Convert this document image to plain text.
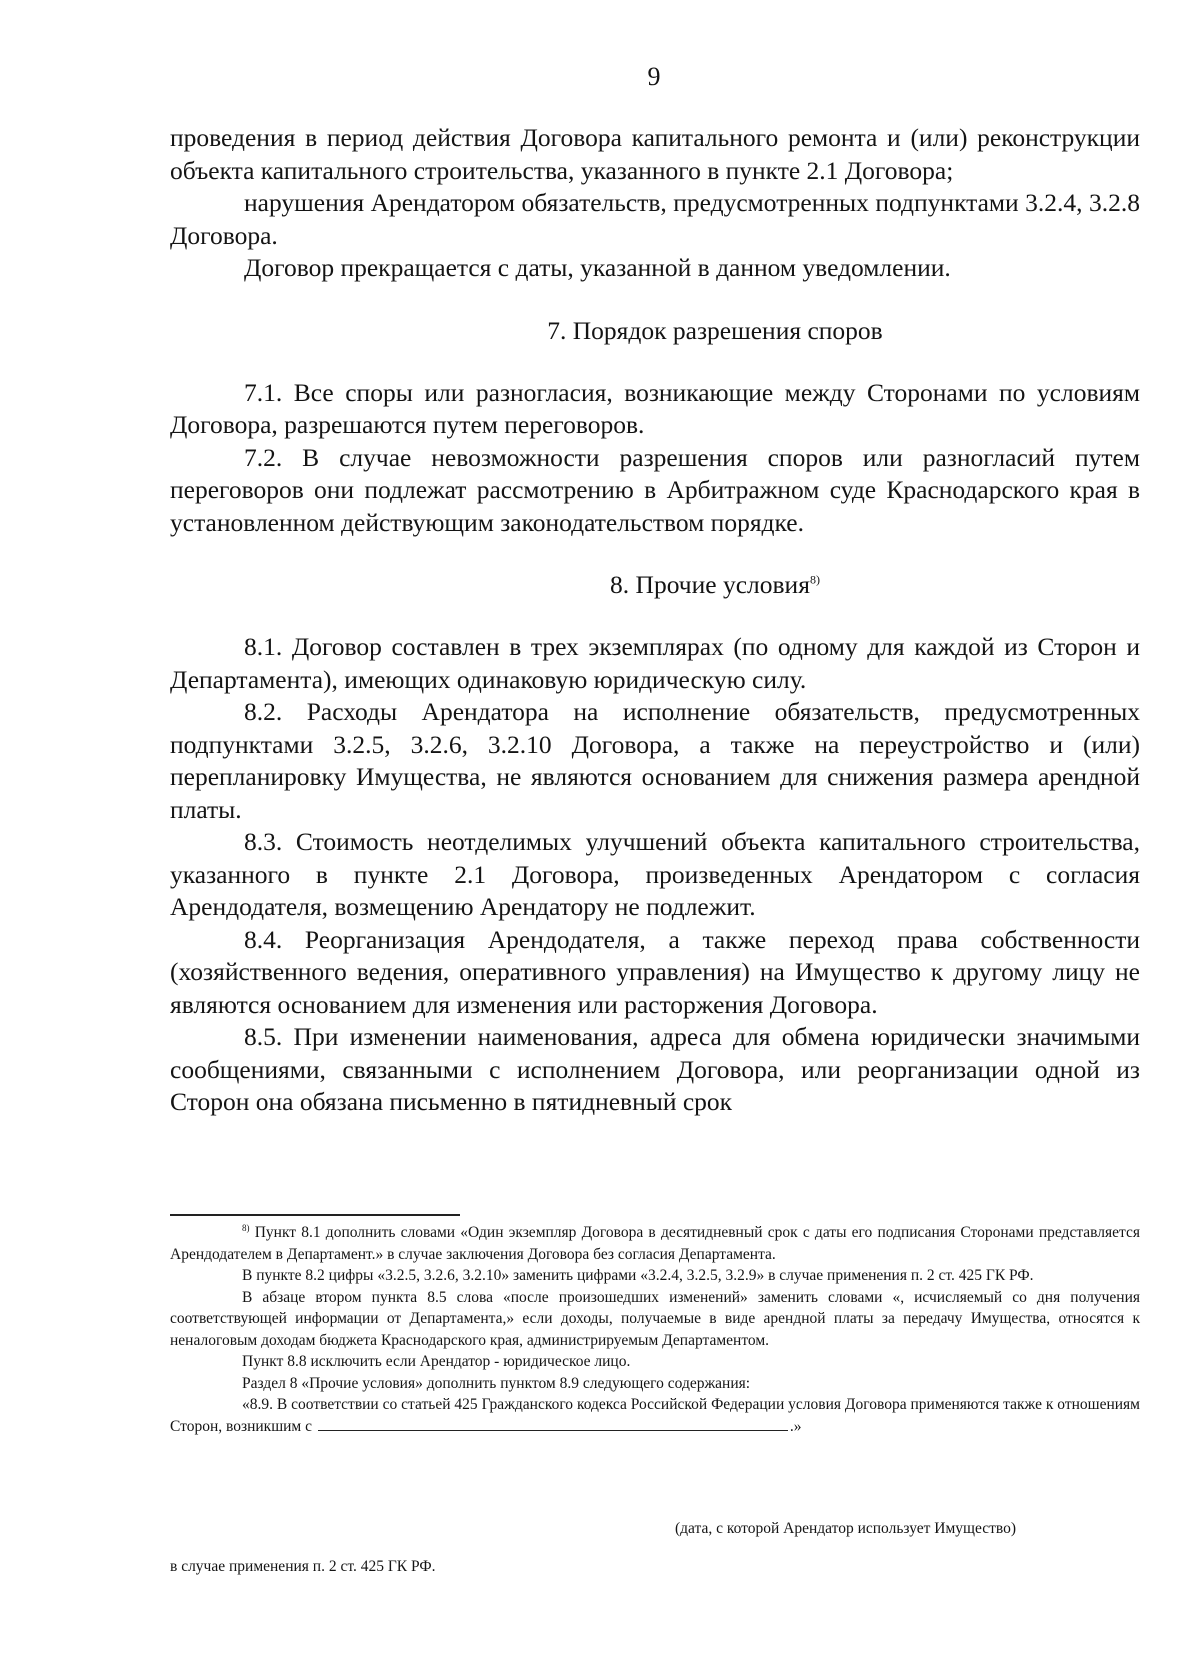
9

проведения в период действия Договора капитального ремонта и (или) реконструкции объекта капитального строительства, указанного в пункте 2.1 Договора;

нарушения Арендатором обязательств, предусмотренных подпунктами 3.2.4, 3.2.8 Договора.

Договор прекращается с даты, указанной в данном уведомлении.

7. Порядок разрешения споров

7.1. Все споры или разногласия, возникающие между Сторонами по условиям Договора, разрешаются путем переговоров.

7.2. В случае невозможности разрешения споров или разногласий путем переговоров они подлежат рассмотрению в Арбитражном суде Краснодарского края в установленном действующим законодательством порядке.

8. Прочие условия$^{8)}$

8.1. Договор составлен в трех экземплярах (по одному для каждой из Сторон и Департамента), имеющих одинаковую юридическую силу.

8.2. Расходы Арендатора на исполнение обязательств, предусмотренных подпунктами 3.2.5, 3.2.6, 3.2.10 Договора, а также на переустройство и (или) перепланировку Имущества, не являются основанием для снижения размера арендной платы.

8.3. Стоимость неотделимых улучшений объекта капитального строительства, указанного в пункте 2.1 Договора, произведенных Арендатором с согласия Арендодателя, возмещению Арендатору не подлежит.

8.4. Реорганизация Арендодателя, а также переход права собственности (хозяйственного ведения, оперативного управления) на Имущество к другому лицу не являются основанием для изменения или расторжения Договора.

8.5. При изменении наименования, адреса для обмена юридически значимыми сообщениями, связанными с исполнением Договора, или реорганизации одной из Сторон она обязана письменно в пятидневный срок

$^{8)}$ Пункт 8.1 дополнить словами «Один экземпляр Договора в десятидневный срок с даты его подписания Сторонами представляется Арендодателем в Департамент.» в случае заключения Договора без согласия Департамента.

В пункте 8.2 цифры «3.2.5, 3.2.6, 3.2.10» заменить цифрами «3.2.4, 3.2.5, 3.2.9» в случае применения п. 2 ст. 425 ГК РФ.

В абзаце втором пункта 8.5 слова «после произошедших изменений» заменить словами «, исчисляемый со дня получения соответствующей информации от Департамента,» если доходы, получаемые в виде арендной платы за передачу Имущества, относятся к неналоговым доходам бюджета Краснодарского края, администрируемым Департаментом.

Пункт 8.8 исключить если Арендатор - юридическое лицо.

Раздел 8 «Прочие условия» дополнить пунктом 8.9 следующего содержания:

«8.9. В соответствии со статьей 425 Гражданского кодекса Российской Федерации условия Договора применяются также к отношениям Сторон, возникшим с	.»

(дата, с которой Арендатор использует Имущество)
в случае применения п. 2 ст. 425 ГК РФ.
